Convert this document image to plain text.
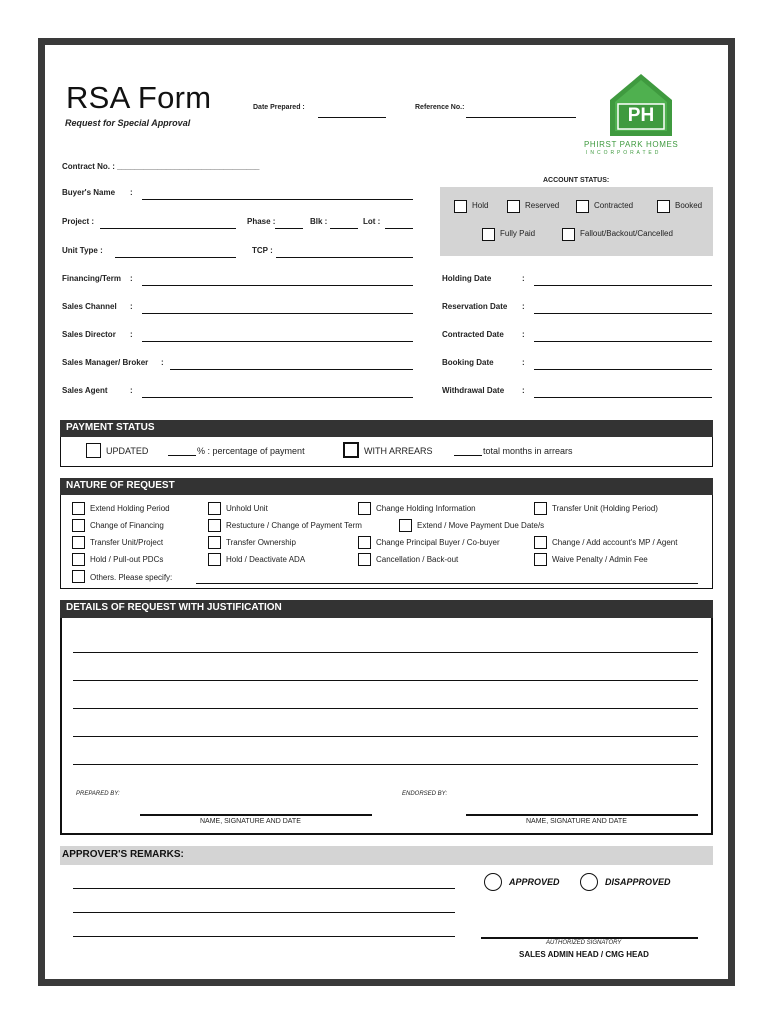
RSA Form
Request for Special Approval
Date Prepared :	Reference No.:	PH
PHIRST PARK HOMES
I N C O R P O R A T E D
Contract No. : ________________________________
Buyer's Name :
Project :	Phase :	Blk :	Lot :
Unit Type :	TCP :
Financing/Term :
Sales Channel :
Sales Director :
Sales Manager/ Broker :
Sales Agent	:
ACCOUNT STATUS:
Hold	Reserved	Contracted	Booked
Fully Paid	Fallout/Backout/Cancelled
Holding Date	:
Reservation Date :
Contracted Date :
Booking Date	:
Withdrawal Date :
PAYMENT STATUS
UPDATED	% : percentage of payment	WITH ARREARS	total months in arrears
NATURE OF REQUEST
Extend Holding Period	Unhold Unit	Change Holding Information	Transfer Unit (Holding Period)
Change of Financing	Restucture / Change of Payment Term	Extend / Move Payment Due Date/s
Transfer Unit/Project	Transfer Ownership	Change Principal Buyer / Co-buyer	Change / Add account's MP / Agent
Hold / Pull-out PDCs	Hold / Deactivate ADA	Cancellation / Back-out	Waive Penalty / Admin Fee
Others. Please specify:
DETAILS OF REQUEST WITH JUSTIFICATION
PREPARED BY:	ENDORSED BY:
NAME, SIGNATURE AND DATE	NAME, SIGNATURE AND DATE
APPROVER'S REMARKS:
APPROVED	DISAPPROVED
AUTHORIZED SIGNATORY
SALES ADMIN HEAD / CMG HEAD
